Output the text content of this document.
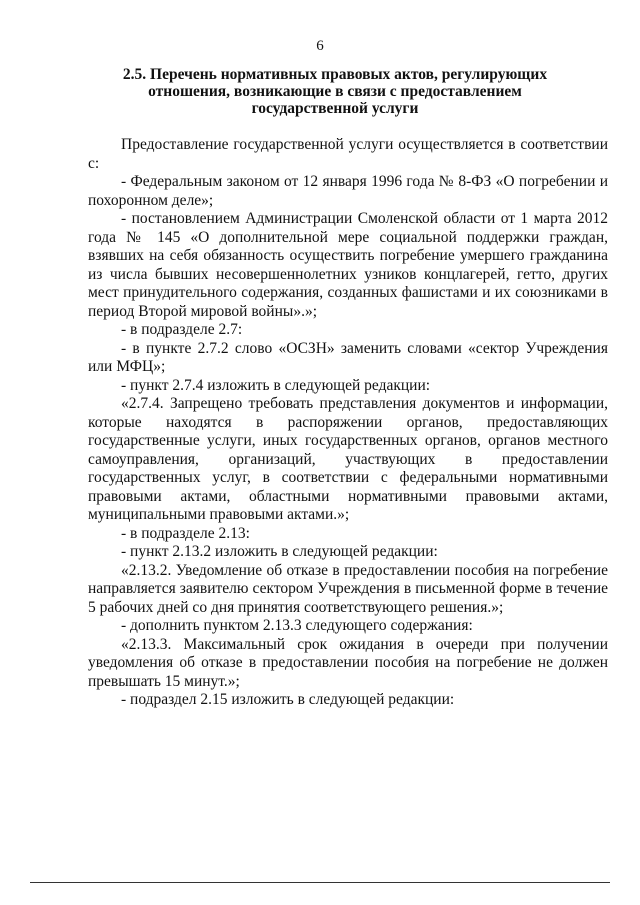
6
2.5. Перечень нормативных правовых актов, регулирующих
отношения, возникающие в связи с предоставлением
государственной услуги

Предоставление государственной услуги осуществляется в соответствии с:

- Федеральным законом от 12 января 1996 года № 8-ФЗ «О погребении и похоронном деле»;

- постановлением Администрации Смоленской области от 1 марта 2012 года № 145 «О дополнительной мере социальной поддержки граждан, взявших на себя обязанность осуществить погребение умершего гражданина из числа бывших несовершеннолетних узников концлагерей, гетто, других мест принудительного содержания, созданных фашистами и их союзниками в период Второй мировой войны».»;

- в подразделе 2.7:

- в пункте 2.7.2 слово «ОСЗН» заменить словами «сектор Учреждения или МФЦ»;

- пункт 2.7.4 изложить в следующей редакции:

«2.7.4. Запрещено требовать представления документов и информации, которые находятся в распоряжении органов, предоставляющих государственные услуги, иных государственных органов, органов местного самоуправления, организаций, участвующих в предоставлении государственных услуг, в соответствии с федеральными нормативными правовыми актами, областными нормативными правовыми актами, муниципальными правовыми актами.»;

- в подразделе 2.13:

- пункт 2.13.2 изложить в следующей редакции:

«2.13.2. Уведомление об отказе в предоставлении пособия на погребение направляется заявителю сектором Учреждения в письменной форме в течение 5 рабочих дней со дня принятия соответствующего решения.»;

- дополнить пунктом 2.13.3 следующего содержания:

«2.13.3. Максимальный срок ожидания в очереди при получении уведомления об отказе в предоставлении пособия на погребение не должен превышать 15 минут.»;

- подраздел 2.15 изложить в следующей редакции:
